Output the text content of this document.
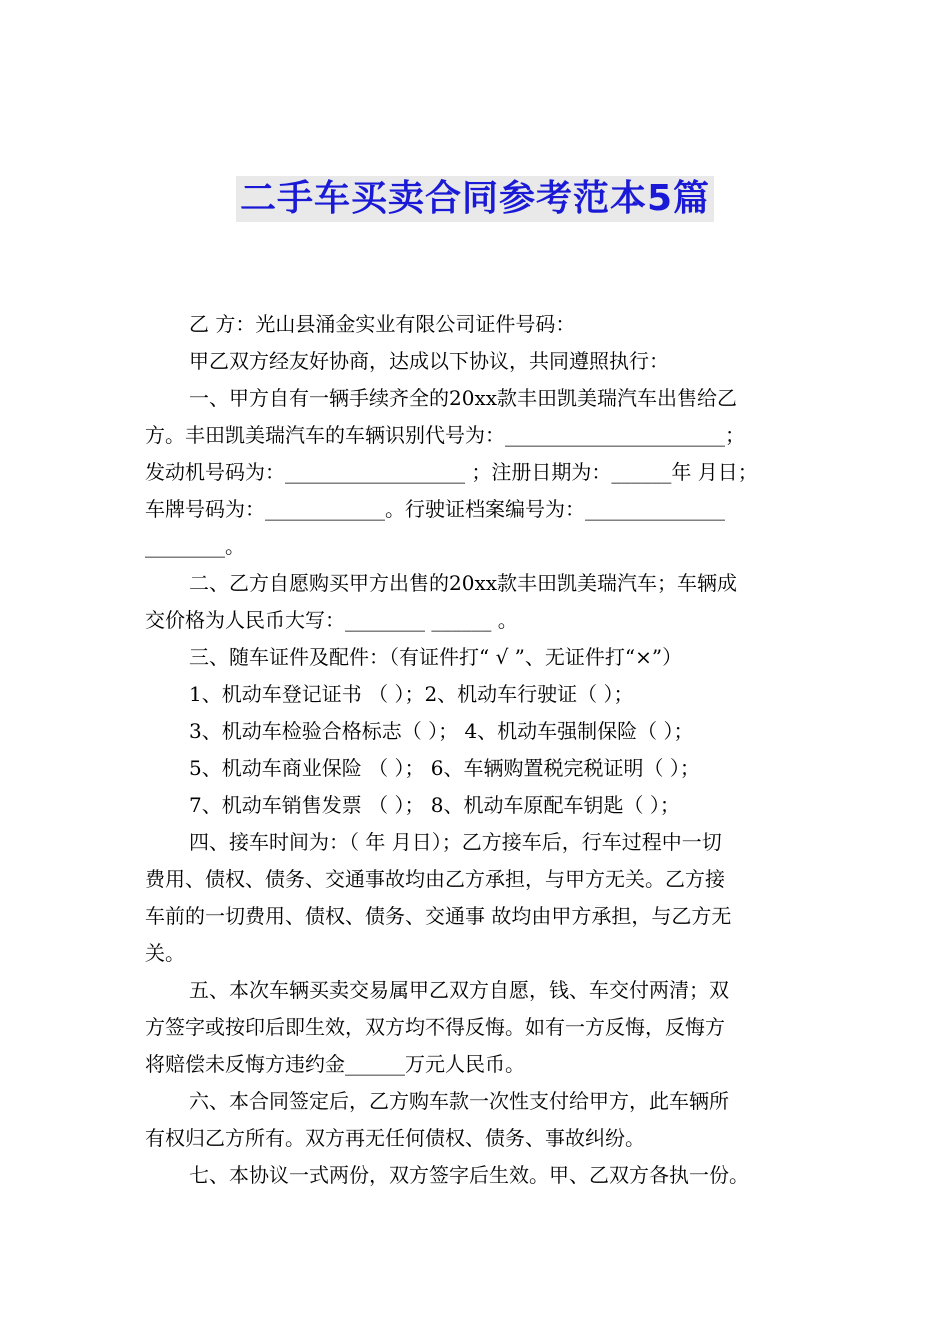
二手车买卖合同参考范本5篇
乙 方：光山县涌金实业有限公司证件号码：
甲乙双方经友好协商，达成以下协议，共同遵照执行：
一、甲方自有一辆手续齐全的20xx款丰田凯美瑞汽车出售给乙
方。丰田凯美瑞汽车的车辆识别代号为：______________________；
发动机号码为：__________________ ；注册日期为：______年 月日；
车牌号码为：____________。行驶证档案编号为：______________
________。
二、乙方自愿购买甲方出售的20xx款丰田凯美瑞汽车；车辆成
交价格为人民币大写：________ ______ 。
三、随车证件及配件：（有证件打“ √ ”、无证件打“×”）
1、机动车登记证书 （ ）；2、机动车行驶证（ ）；
3、机动车检验合格标志（ ）； 4、机动车强制保险（ ）；
5、机动车商业保险 （ ）； 6、车辆购置税完税证明（ ）；
7、机动车销售发票 （ ）； 8、机动车原配车钥匙（ ）；
四、接车时间为：（ 年 月日）；乙方接车后，行车过程中一切
费用、债权、债务、交通事故均由乙方承担，与甲方无关。乙方接
车前的一切费用、债权、债务、交通事 故均由甲方承担，与乙方无
关。
五、本次车辆买卖交易属甲乙双方自愿，钱、车交付两清；双
方签字或按印后即生效，双方均不得反悔。如有一方反悔，反悔方
将赔偿未反悔方违约金______万元人民币。
六、本合同签定后，乙方购车款一次性支付给甲方，此车辆所
有权归乙方所有。双方再无任何债权、债务、事故纠纷。
七、本协议一式两份，双方签字后生效。甲、乙双方各执一份。
